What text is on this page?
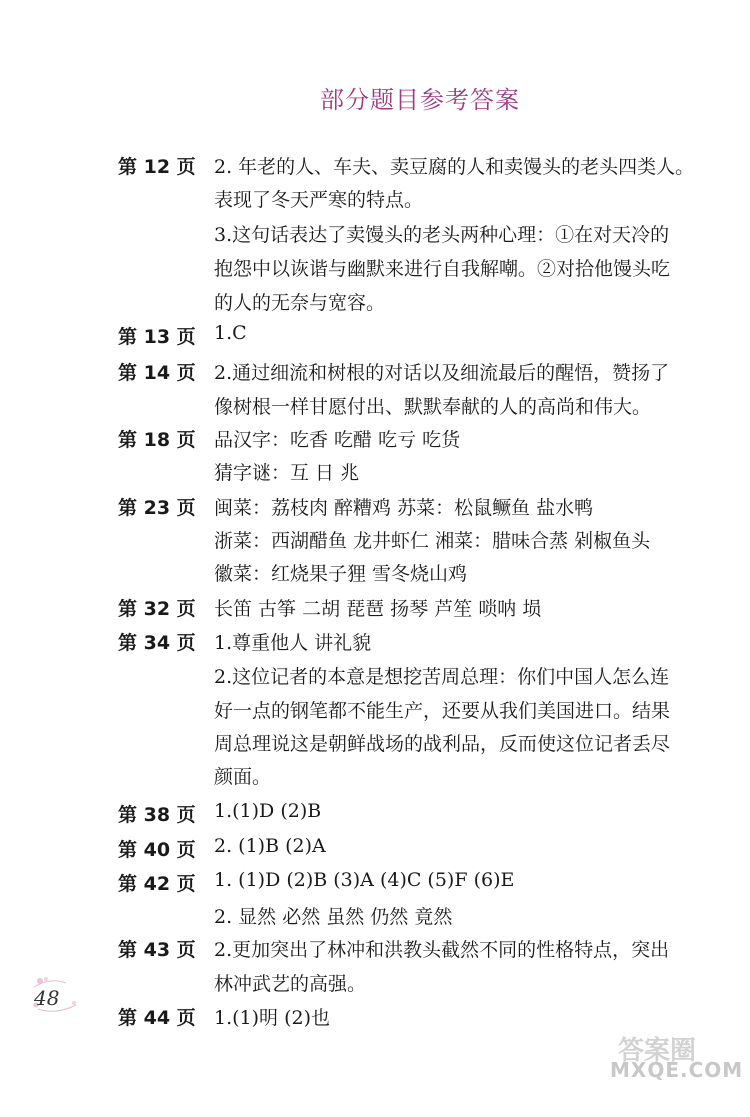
部分题目参考答案
第 12 页 2. 年老的人、车夫、卖豆腐的人和卖馒头的老头四类人。
表现了冬天严寒的特点。
3.这句话表达了卖馒头的老头两种心理：①在对天冷的
抱怨中以诙谐与幽默来进行自我解嘲。②对拾他馒头吃
的人的无奈与宽容。
第 13 页 1.C
第 14 页 2.通过细流和树根的对话以及细流最后的醒悟，赞扬了
像树根一样甘愿付出、默默奉献的人的高尚和伟大。
第 18 页 品汉字：吃香 吃醋 吃亏 吃货
猜字谜：互 日 兆
第 23 页 闽菜：荔枝肉 醉糟鸡 苏菜：松鼠鳜鱼 盐水鸭
浙菜：西湖醋鱼 龙井虾仁 湘菜：腊味合蒸 剁椒鱼头
徽菜：红烧果子狸 雪冬烧山鸡
第 32 页 长笛 古筝 二胡 琵琶 扬琴 芦笙 唢呐 埙
第 34 页 1.尊重他人 讲礼貌
2.这位记者的本意是想挖苦周总理：你们中国人怎么连
好一点的钢笔都不能生产，还要从我们美国进口。结果
周总理说这是朝鲜战场的战利品，反而使这位记者丢尽
颜面。
第 38 页 1.(1)D (2)B
第 40 页 2. (1)B (2)A
第 42 页 1. (1)D (2)B (3)A (4)C (5)F (6)E
2. 显然 必然 虽然 仍然 竟然
第 43 页 2.更加突出了林冲和洪教头截然不同的性格特点，突出
林冲武艺的高强。
第 44 页 1.(1)明 (2)也
48
答案圈
MXQE.COM
